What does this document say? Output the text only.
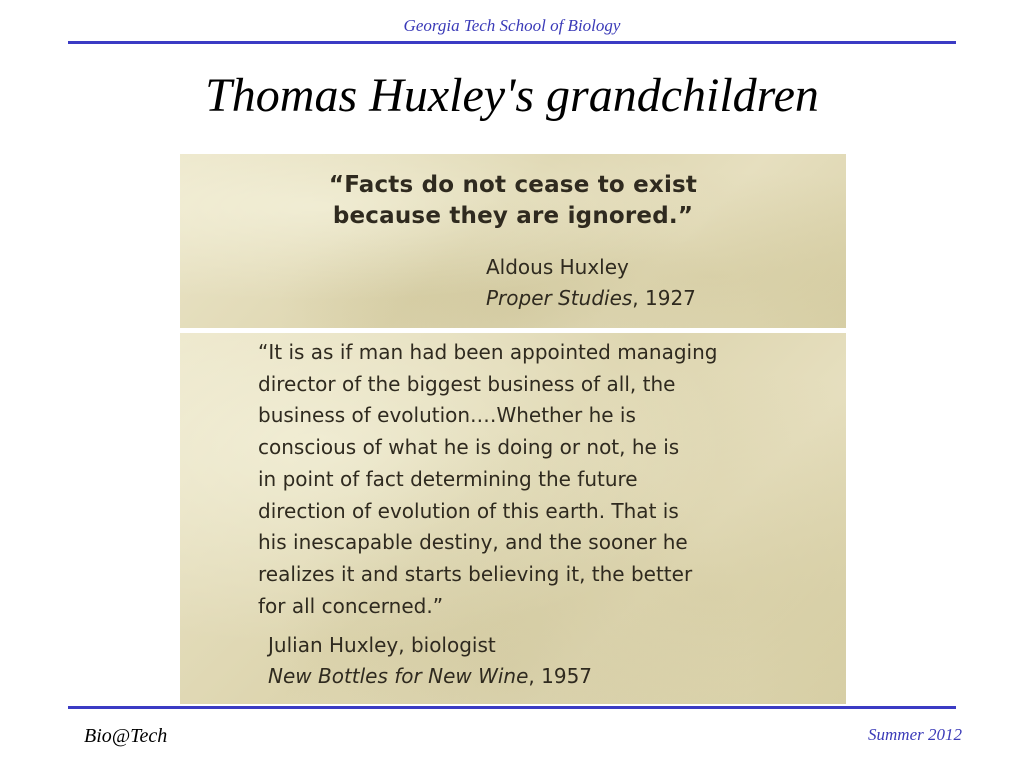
Georgia Tech School of Biology
Thomas Huxley's grandchildren
“Facts do not cease to exist
because they are ignored.”
Aldous Huxley
Proper Studies, 1927
“It is as if man had been appointed managing
director of the biggest business of all, the
business of evolution.…Whether he is
conscious of what he is doing or not, he is
in point of fact determining the future
direction of evolution of this earth. That is
his inescapable destiny, and the sooner he
realizes it and starts believing it, the better
for all concerned.”
Julian Huxley, biologist
New Bottles for New Wine, 1957
Bio@Tech	Summer 2012
